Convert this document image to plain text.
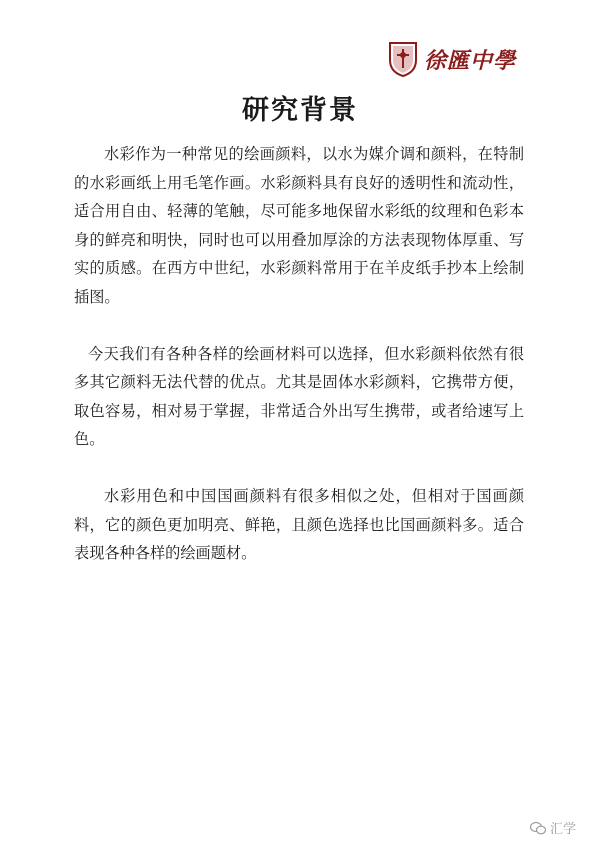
徐匯中學
研究背景

水彩作为一种常见的绘画颜料，以水为媒介调和颜料，在特制的水彩画纸上用毛笔作画。水彩颜料具有良好的透明性和流动性，适合用自由、轻薄的笔触，尽可能多地保留水彩纸的纹理和色彩本身的鲜亮和明快，同时也可以用叠加厚涂的方法表现物体厚重、写实的质感。在西方中世纪，水彩颜料常用于在羊皮纸手抄本上绘制插图。

今天我们有各种各样的绘画材料可以选择，但水彩颜料依然有很多其它颜料无法代替的优点。尤其是固体水彩颜料，它携带方便，取色容易，相对易于掌握，非常适合外出写生携带，或者给速写上色。

水彩用色和中国国画颜料有很多相似之处，但相对于国画颜料，它的颜色更加明亮、鲜艳，且颜色选择也比国画颜料多。适合表现各种各样的绘画题材。

汇学
